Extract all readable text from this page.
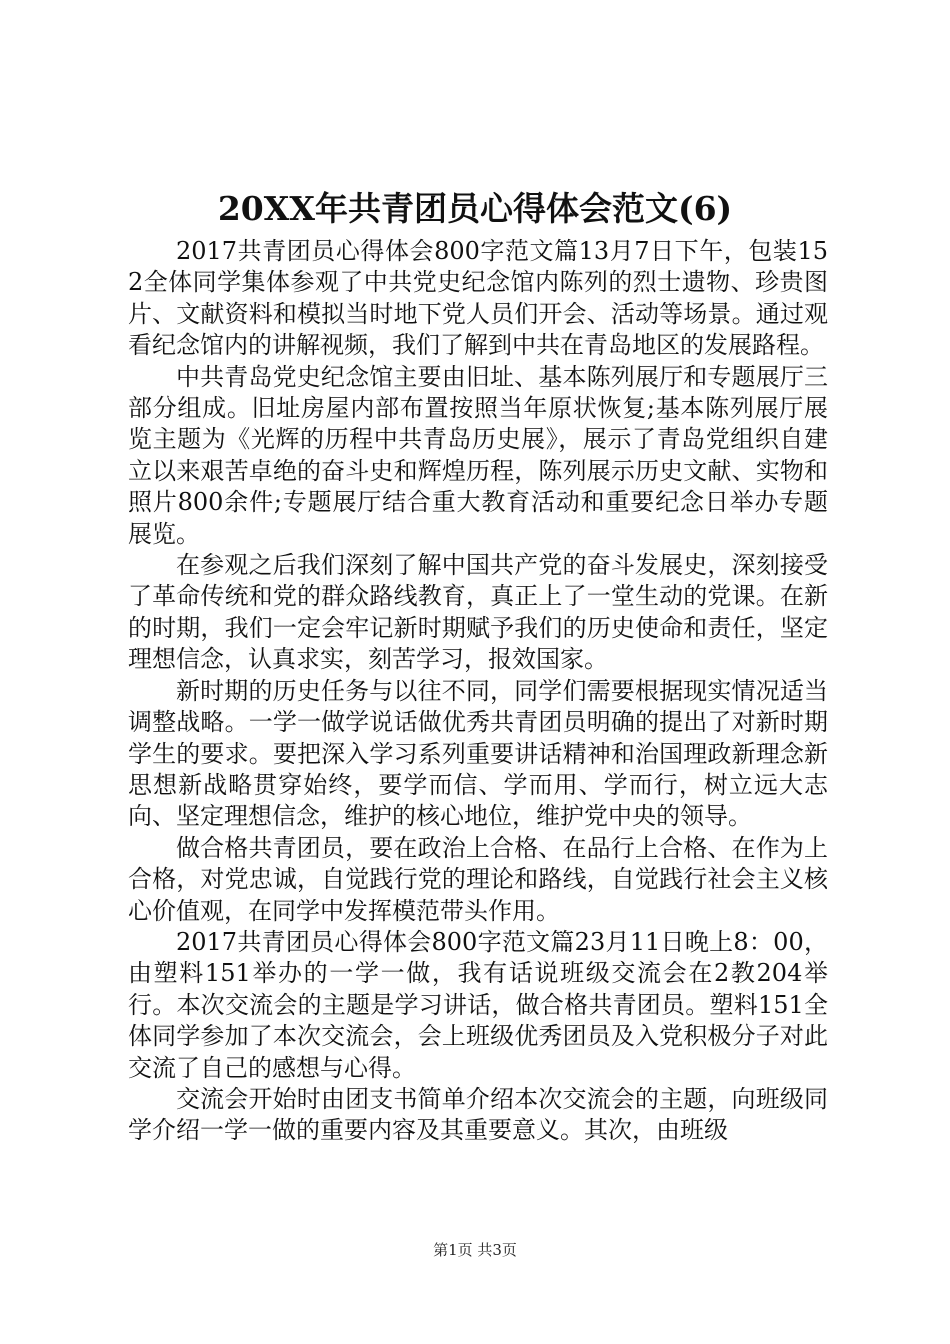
20XX年共青团员心得体会范文(6)

2017共青团员心得体会800字范文篇13月7日下午，包装152全体同学集体参观了中共党史纪念馆内陈列的烈士遗物、珍贵图片、文献资料和模拟当时地下党人员们开会、活动等场景。通过观看纪念馆内的讲解视频，我们了解到中共在青岛地区的发展路程。

中共青岛党史纪念馆主要由旧址、基本陈列展厅和专题展厅三部分组成。旧址房屋内部布置按照当年原状恢复;基本陈列展厅展览主题为《光辉的历程中共青岛历史展》，展示了青岛党组织自建立以来艰苦卓绝的奋斗史和辉煌历程，陈列展示历史文献、实物和照片800余件;专题展厅结合重大教育活动和重要纪念日举办专题展览。

在参观之后我们深刻了解中国共产党的奋斗发展史，深刻接受了革命传统和党的群众路线教育，真正上了一堂生动的党课。在新的时期，我们一定会牢记新时期赋予我们的历史使命和责任，坚定理想信念，认真求实，刻苦学习，报效国家。

新时期的历史任务与以往不同，同学们需要根据现实情况适当调整战略。一学一做学说话做优秀共青团员明确的提出了对新时期学生的要求。要把深入学习系列重要讲话精神和治国理政新理念新思想新战略贯穿始终，要学而信、学而用、学而行，树立远大志向、坚定理想信念，维护的核心地位，维护党中央的领导。

做合格共青团员，要在政治上合格、在品行上合格、在作为上合格，对党忠诚，自觉践行党的理论和路线，自觉践行社会主义核心价值观，在同学中发挥模范带头作用。

2017共青团员心得体会800字范文篇23月11日晚上8：00，由塑料151举办的一学一做，我有话说班级交流会在2教204举行。本次交流会的主题是学习讲话，做合格共青团员。塑料151全体同学参加了本次交流会，会上班级优秀团员及入党积极分子对此交流了自己的感想与心得。

交流会开始时由团支书简单介绍本次交流会的主题，向班级同学介绍一学一做的重要内容及其重要意义。其次，由班级

第1页 共3页
